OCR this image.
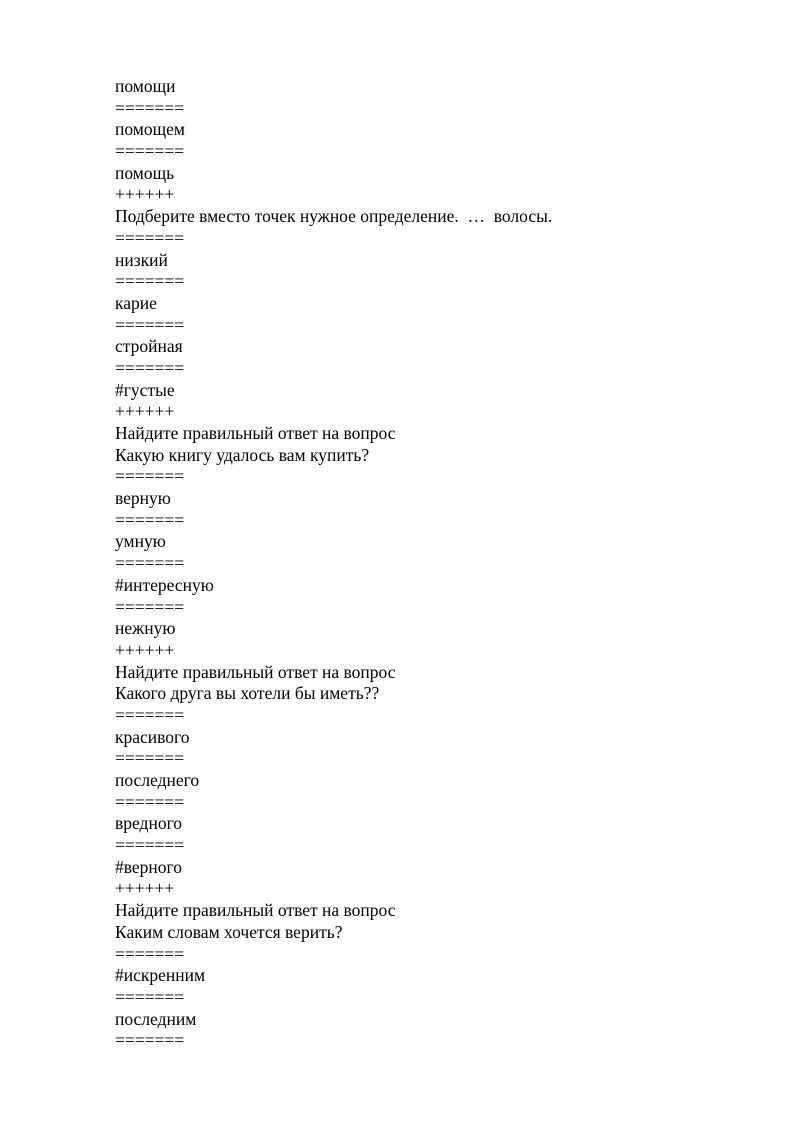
помощи
=======
помощем
=======
помощь
++++++
Подберите вместо точек нужное определение.  …  волосы.
=======
низкий
=======
карие
=======
стройная
=======
#густые
++++++
Найдите правильный ответ на вопрос
Какую книгу удалось вам купить?
=======
верную
=======
умную
=======
#интересную
=======
нежную
++++++
Найдите правильный ответ на вопрос
Какого друга вы хотели бы иметь??
=======
красивого
=======
последнего
=======
вредного
=======
#верного
++++++
Найдите правильный ответ на вопрос
Каким словам хочется верить?
=======
#искренним
=======
последним
=======
